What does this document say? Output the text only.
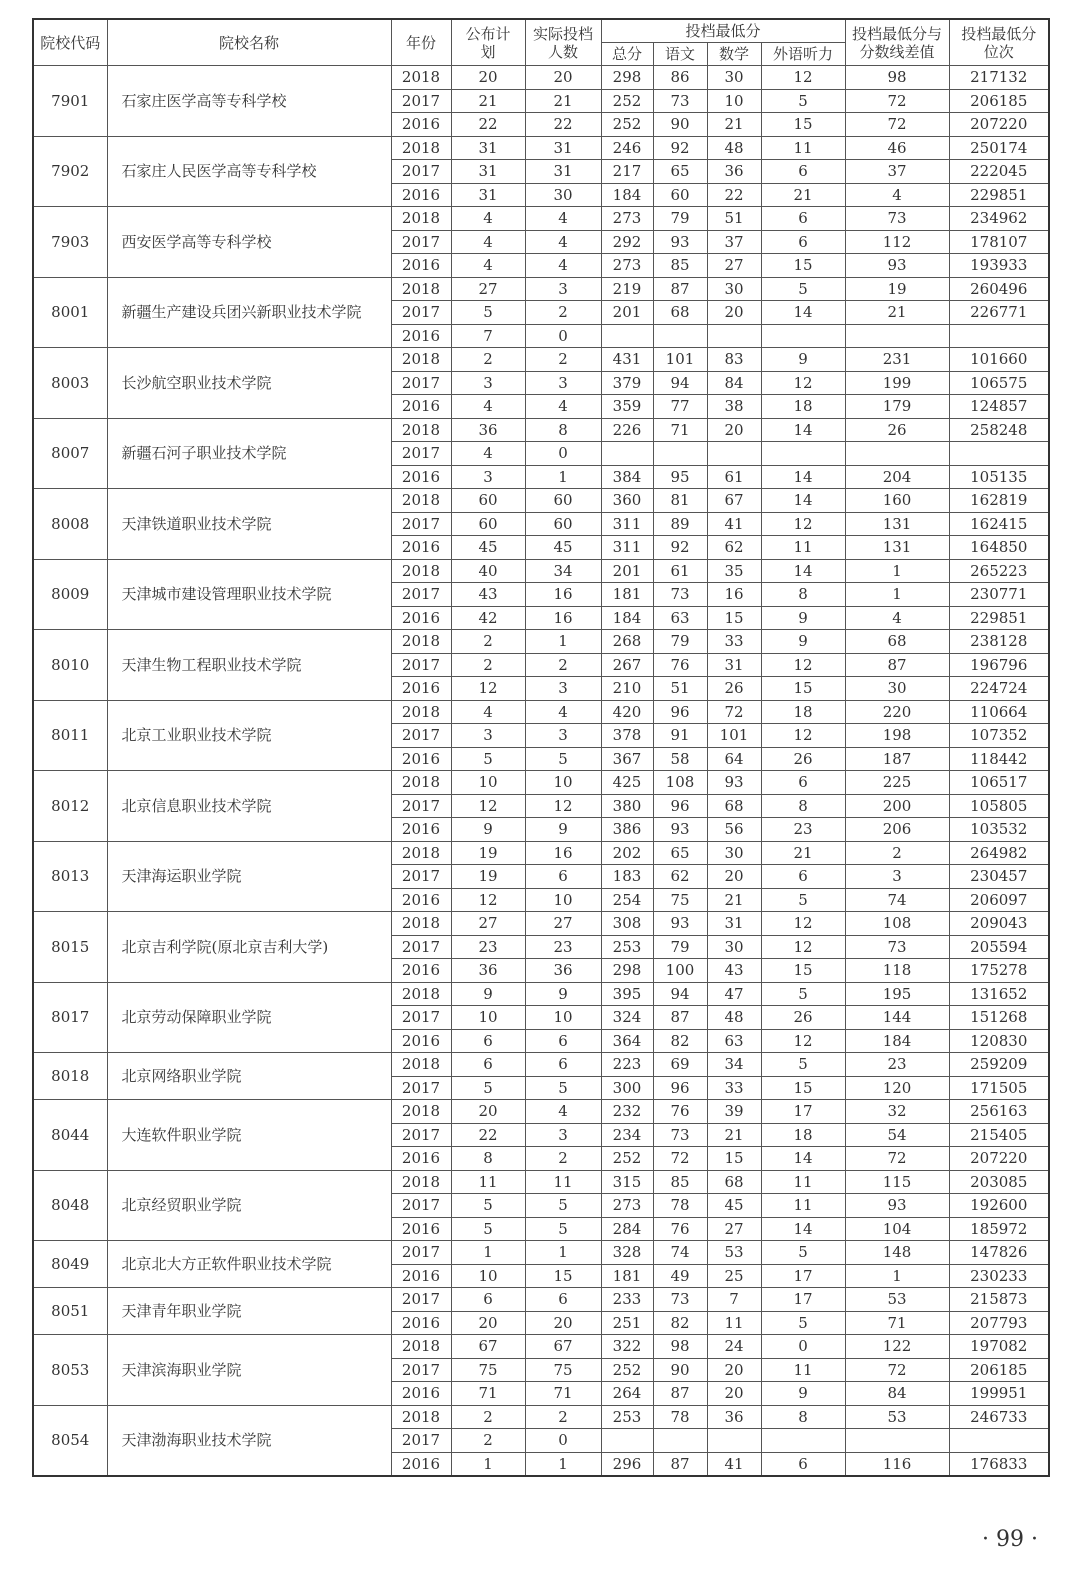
院校代码	院校名称	年份	公布计划	实际投档人数	投档最低分				投档最低分与分数线差值	投档最低分位次
					总分	语文	数学	外语听力		
7901	石家庄医学高等专科学校	2018	20	20	298	86	30	12	98	217132
		2017	21	21	252	73	10	5	72	206185
		2016	22	22	252	90	21	15	72	207220
7902	石家庄人民医学高等专科学校	2018	31	31	246	92	48	11	46	250174
		2017	31	31	217	65	36	6	37	222045
		2016	31	30	184	60	22	21	4	229851
7903	西安医学高等专科学校	2018	4	4	273	79	51	6	73	234962
		2017	4	4	292	93	37	6	112	178107
		2016	4	4	273	85	27	15	93	193933
8001	新疆生产建设兵团兴新职业技术学院	2018	27	3	219	87	30	5	19	260496
		2017	5	2	201	68	20	14	21	226771
		2016	7	0						
8003	长沙航空职业技术学院	2018	2	2	431	101	83	9	231	101660
		2017	3	3	379	94	84	12	199	106575
		2016	4	4	359	77	38	18	179	124857
8007	新疆石河子职业技术学院	2018	36	8	226	71	20	14	26	258248
		2017	4	0						
		2016	3	1	384	95	61	14	204	105135
8008	天津铁道职业技术学院	2018	60	60	360	81	67	14	160	162819
		2017	60	60	311	89	41	12	131	162415
		2016	45	45	311	92	62	11	131	164850
8009	天津城市建设管理职业技术学院	2018	40	34	201	61	35	14	1	265223
		2017	43	16	181	73	16	8	1	230771
		2016	42	16	184	63	15	9	4	229851
8010	天津生物工程职业技术学院	2018	2	1	268	79	33	9	68	238128
		2017	2	2	267	76	31	12	87	196796
		2016	12	3	210	51	26	15	30	224724
8011	北京工业职业技术学院	2018	4	4	420	96	72	18	220	110664
		2017	3	3	378	91	101	12	198	107352
		2016	5	5	367	58	64	26	187	118442
8012	北京信息职业技术学院	2018	10	10	425	108	93	6	225	106517
		2017	12	12	380	96	68	8	200	105805
		2016	9	9	386	93	56	23	206	103532
8013	天津海运职业学院	2018	19	16	202	65	30	21	2	264982
		2017	19	6	183	62	20	6	3	230457
		2016	12	10	254	75	21	5	74	206097
8015	北京吉利学院(原北京吉利大学)	2018	27	27	308	93	31	12	108	209043
		2017	23	23	253	79	30	12	73	205594
		2016	36	36	298	100	43	15	118	175278
8017	北京劳动保障职业学院	2018	9	9	395	94	47	5	195	131652
		2017	10	10	324	87	48	26	144	151268
		2016	6	6	364	82	63	12	184	120830
8018	北京网络职业学院	2018	6	6	223	69	34	5	23	259209
		2017	5	5	300	96	33	15	120	171505
8044	大连软件职业学院	2018	20	4	232	76	39	17	32	256163
		2017	22	3	234	73	21	18	54	215405
		2016	8	2	252	72	15	14	72	207220
8048	北京经贸职业学院	2018	11	11	315	85	68	11	115	203085
		2017	5	5	273	78	45	11	93	192600
		2016	5	5	284	76	27	14	104	185972
8049	北京北大方正软件职业技术学院	2017	1	1	328	74	53	5	148	147826
		2016	10	15	181	49	25	17	1	230233
8051	天津青年职业学院	2017	6	6	233	73	7	17	53	215873
		2016	20	20	251	82	11	5	71	207793
8053	天津滨海职业学院	2018	67	67	322	98	24	0	122	197082
		2017	75	75	252	90	20	11	72	206185
		2016	71	71	264	87	20	9	84	199951
8054	天津渤海职业技术学院	2018	2	2	253	78	36	8	53	246733
		2017	2	0						
		2016	1	1	296	87	41	6	116	176833
· 99 ·
